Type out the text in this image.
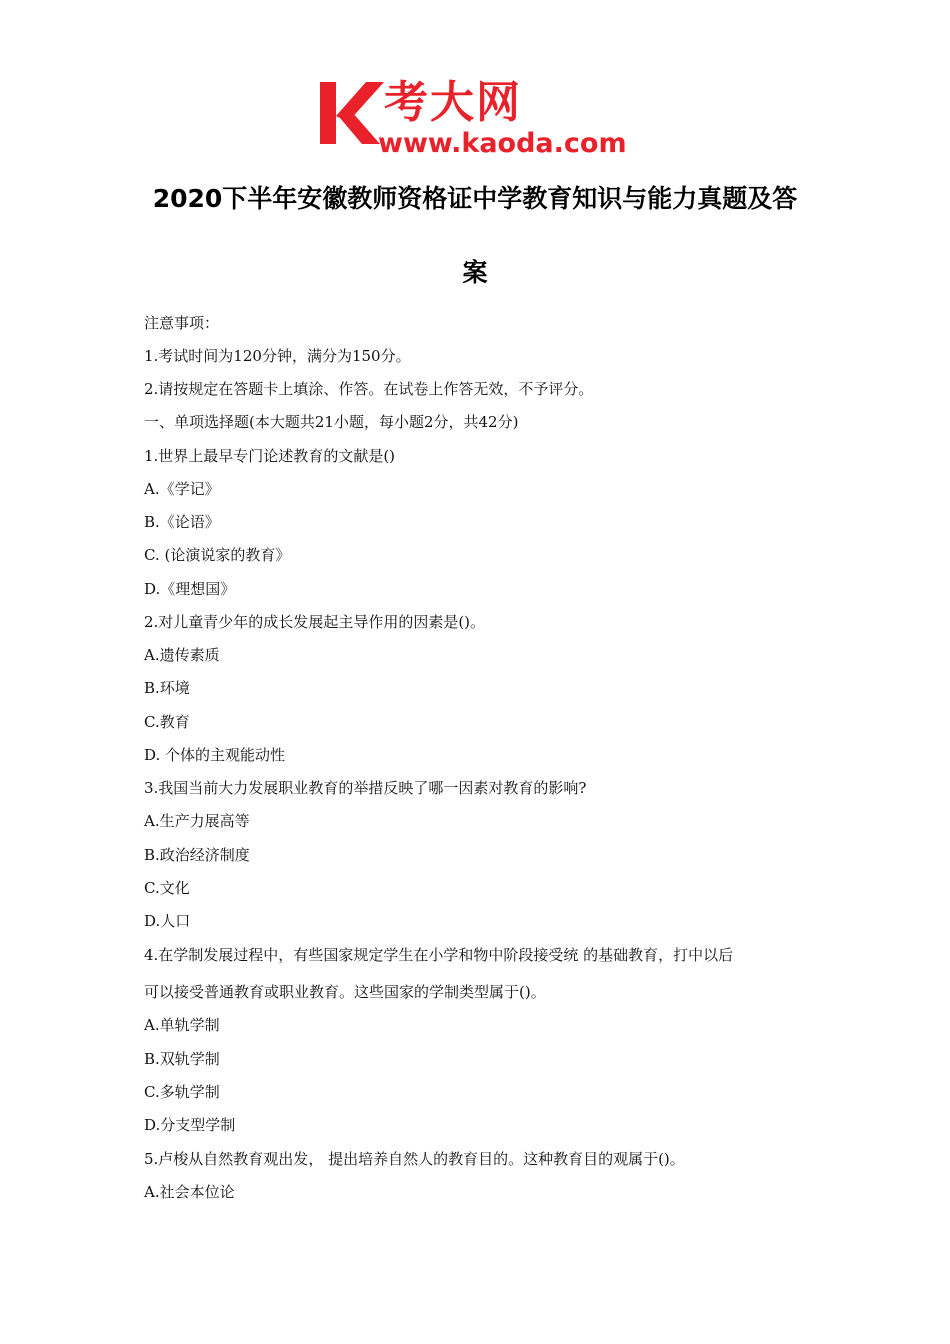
考大网
www.kaoda.com
2020下半年安徽教师资格证中学教育知识与能力真题及答
案
注意事项：
1.考试时间为120分钟，满分为150分。
2.请按规定在答题卡上填涂、作答。在试卷上作答无效，不予评分。
一、单项选择题(本大题共21小题，每小题2分，共42分)
1.世界上最早专门论述教育的文献是()
A.《学记》
B.《论语》
C. (论演说家的教育》
D.《理想国》
2.对儿童青少年的成长发展起主导作用的因素是()。
A.遗传素质
B.环境
C.教育
D. 个体的主观能动性
3.我国当前大力发展职业教育的举措反映了哪一因素对教育的影响?
A.生产力展高等
B.政治经济制度
C.文化
D.人口
4.在学制发展过程中，有些国家规定学生在小学和物中阶段接受统 的基础教育，打中以后
可以接受普通教育或职业教育。这些国家的学制类型属于()。
A.单轨学制
B.双轨学制
C.多轨学制
D.分支型学制
5.卢梭从自然教育观出发， 提出培养自然人的教育目的。这种教育目的观属于()。
A.社会本位论
